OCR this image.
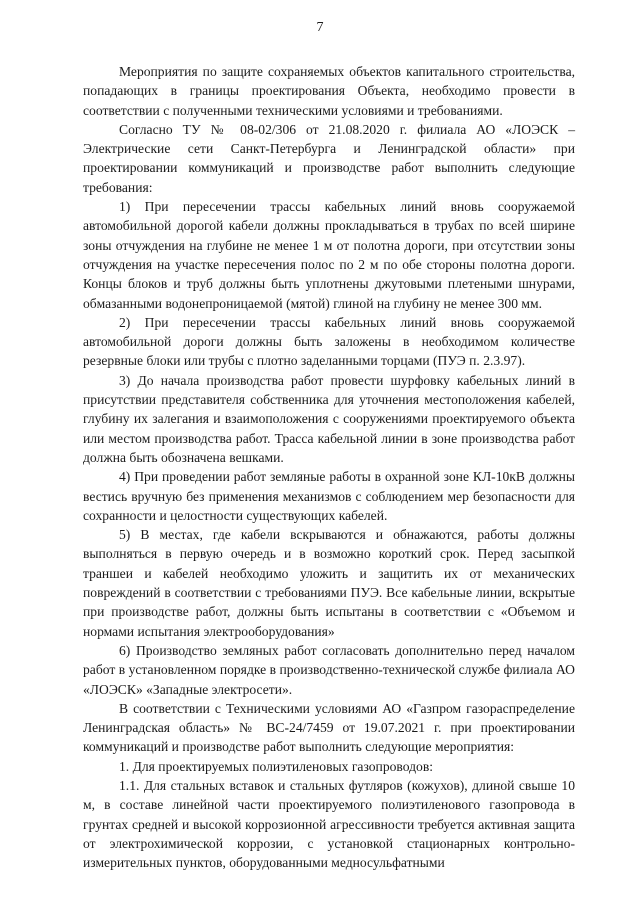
7

Мероприятия по защите сохраняемых объектов капитального строительства, попадающих в границы проектирования Объекта, необходимо провести в соответствии с полученными техническими условиями и требованиями.

Согласно ТУ № 08-02/306 от 21.08.2020 г. филиала АО «ЛОЭСК – Электрические сети Санкт-Петербурга и Ленинградской области» при проектировании коммуникаций и производстве работ выполнить следующие требования:

1) При пересечении трассы кабельных линий вновь сооружаемой автомобильной дорогой кабели должны прокладываться в трубах по всей ширине зоны отчуждения на глубине не менее 1 м от полотна дороги, при отсутствии зоны отчуждения на участке пересечения полос по 2 м по обе стороны полотна дороги. Концы блоков и труб должны быть уплотнены джутовыми плетеными шнурами, обмазанными водонепроницаемой (мятой) глиной на глубину не менее 300 мм.

2) При пересечении трассы кабельных линий вновь сооружаемой автомобильной дороги должны быть заложены в необходимом количестве резервные блоки или трубы с плотно заделанными торцами (ПУЭ п. 2.3.97).

3) До начала производства работ провести шурфовку кабельных линий в присутствии представителя собственника для уточнения местоположения кабелей, глубину их залегания и взаимоположения с сооружениями проектируемого объекта или местом производства работ. Трасса кабельной линии в зоне производства работ должна быть обозначена вешками.

4) При проведении работ земляные работы в охранной зоне КЛ-10кВ должны вестись вручную без применения механизмов с соблюдением мер безопасности для сохранности и целостности существующих кабелей.

5) В местах, где кабели вскрываются и обнажаются, работы должны выполняться в первую очередь и в возможно короткий срок. Перед засыпкой траншеи и кабелей необходимо уложить и защитить их от механических повреждений в соответствии с требованиями ПУЭ. Все кабельные линии, вскрытые при производстве работ, должны быть испытаны в соответствии с «Объемом и нормами испытания электрооборудования»

6) Производство земляных работ согласовать дополнительно перед началом работ в установленном порядке в производственно-технической службе филиала АО «ЛОЭСК» «Западные электросети».

В соответствии с Техническими условиями АО «Газпром газораспределение Ленинградская область» № ВС-24/7459 от 19.07.2021 г. при проектировании коммуникаций и производстве работ выполнить следующие мероприятия:

1. Для проектируемых полиэтиленовых газопроводов:

1.1. Для стальных вставок и стальных футляров (кожухов), длиной свыше 10 м, в составе линейной части проектируемого полиэтиленового газопровода в грунтах средней и высокой коррозионной агрессивности требуется активная защита от электрохимической коррозии, с установкой стационарных контрольно-измерительных пунктов, оборудованными медносульфатными
